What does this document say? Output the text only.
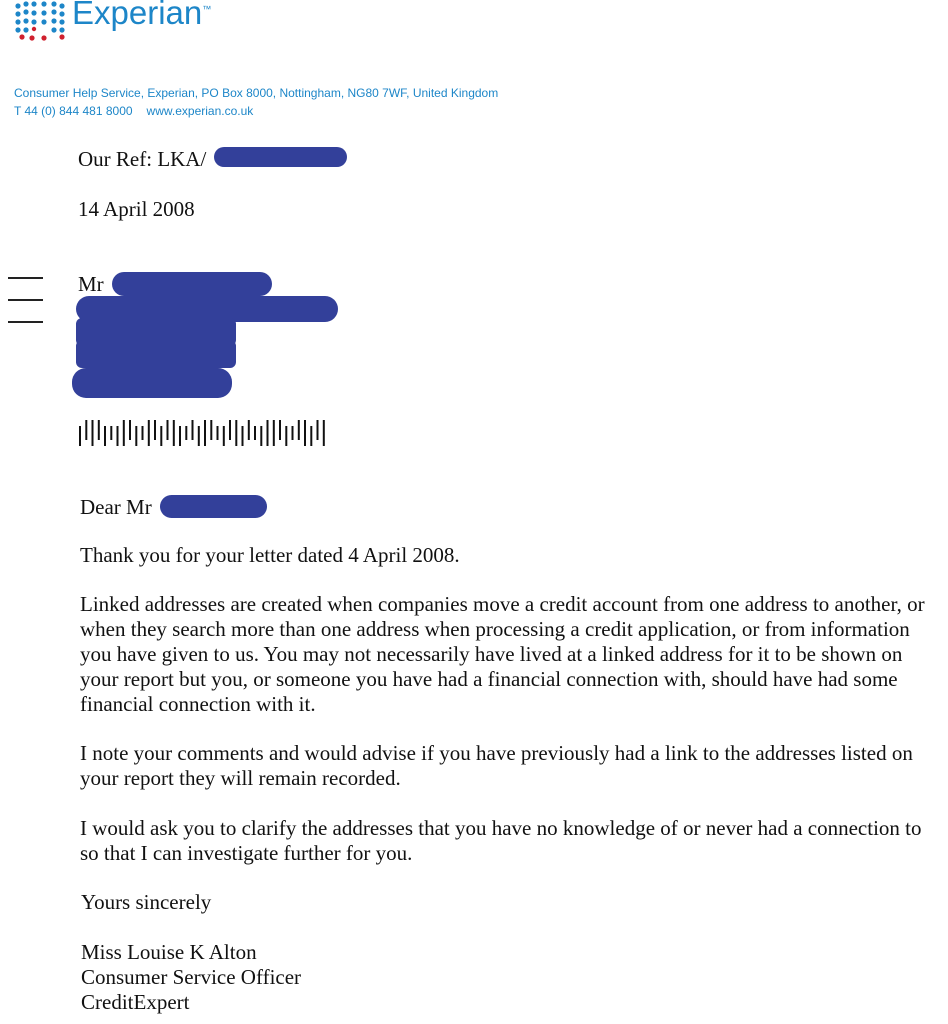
Experian™
Consumer Help Service, Experian, PO Box 8000, Nottingham, NG80 7WF, United Kingdom
T 44 (0) 844 481 8000 www.experian.co.uk
Our Ref: LKA/
14 April 2008
Mr
Dear Mr

Thank you for your letter dated 4 April 2008.

Linked addresses are created when companies move a credit account from one address to another, or when they search more than one address when processing a credit application, or from information you have given to us. You may not necessarily have lived at a linked address for it to be shown on your report but you, or someone you have had a financial connection with, should have had some financial connection with it.

I note your comments and would advise if you have previously had a link to the addresses listed on your report they will remain recorded.

I would ask you to clarify the addresses that you have no knowledge of or never had a connection to so that I can investigate further for you.

Yours sincerely
Miss Louise K Alton
Consumer Service Officer
CreditExpert
